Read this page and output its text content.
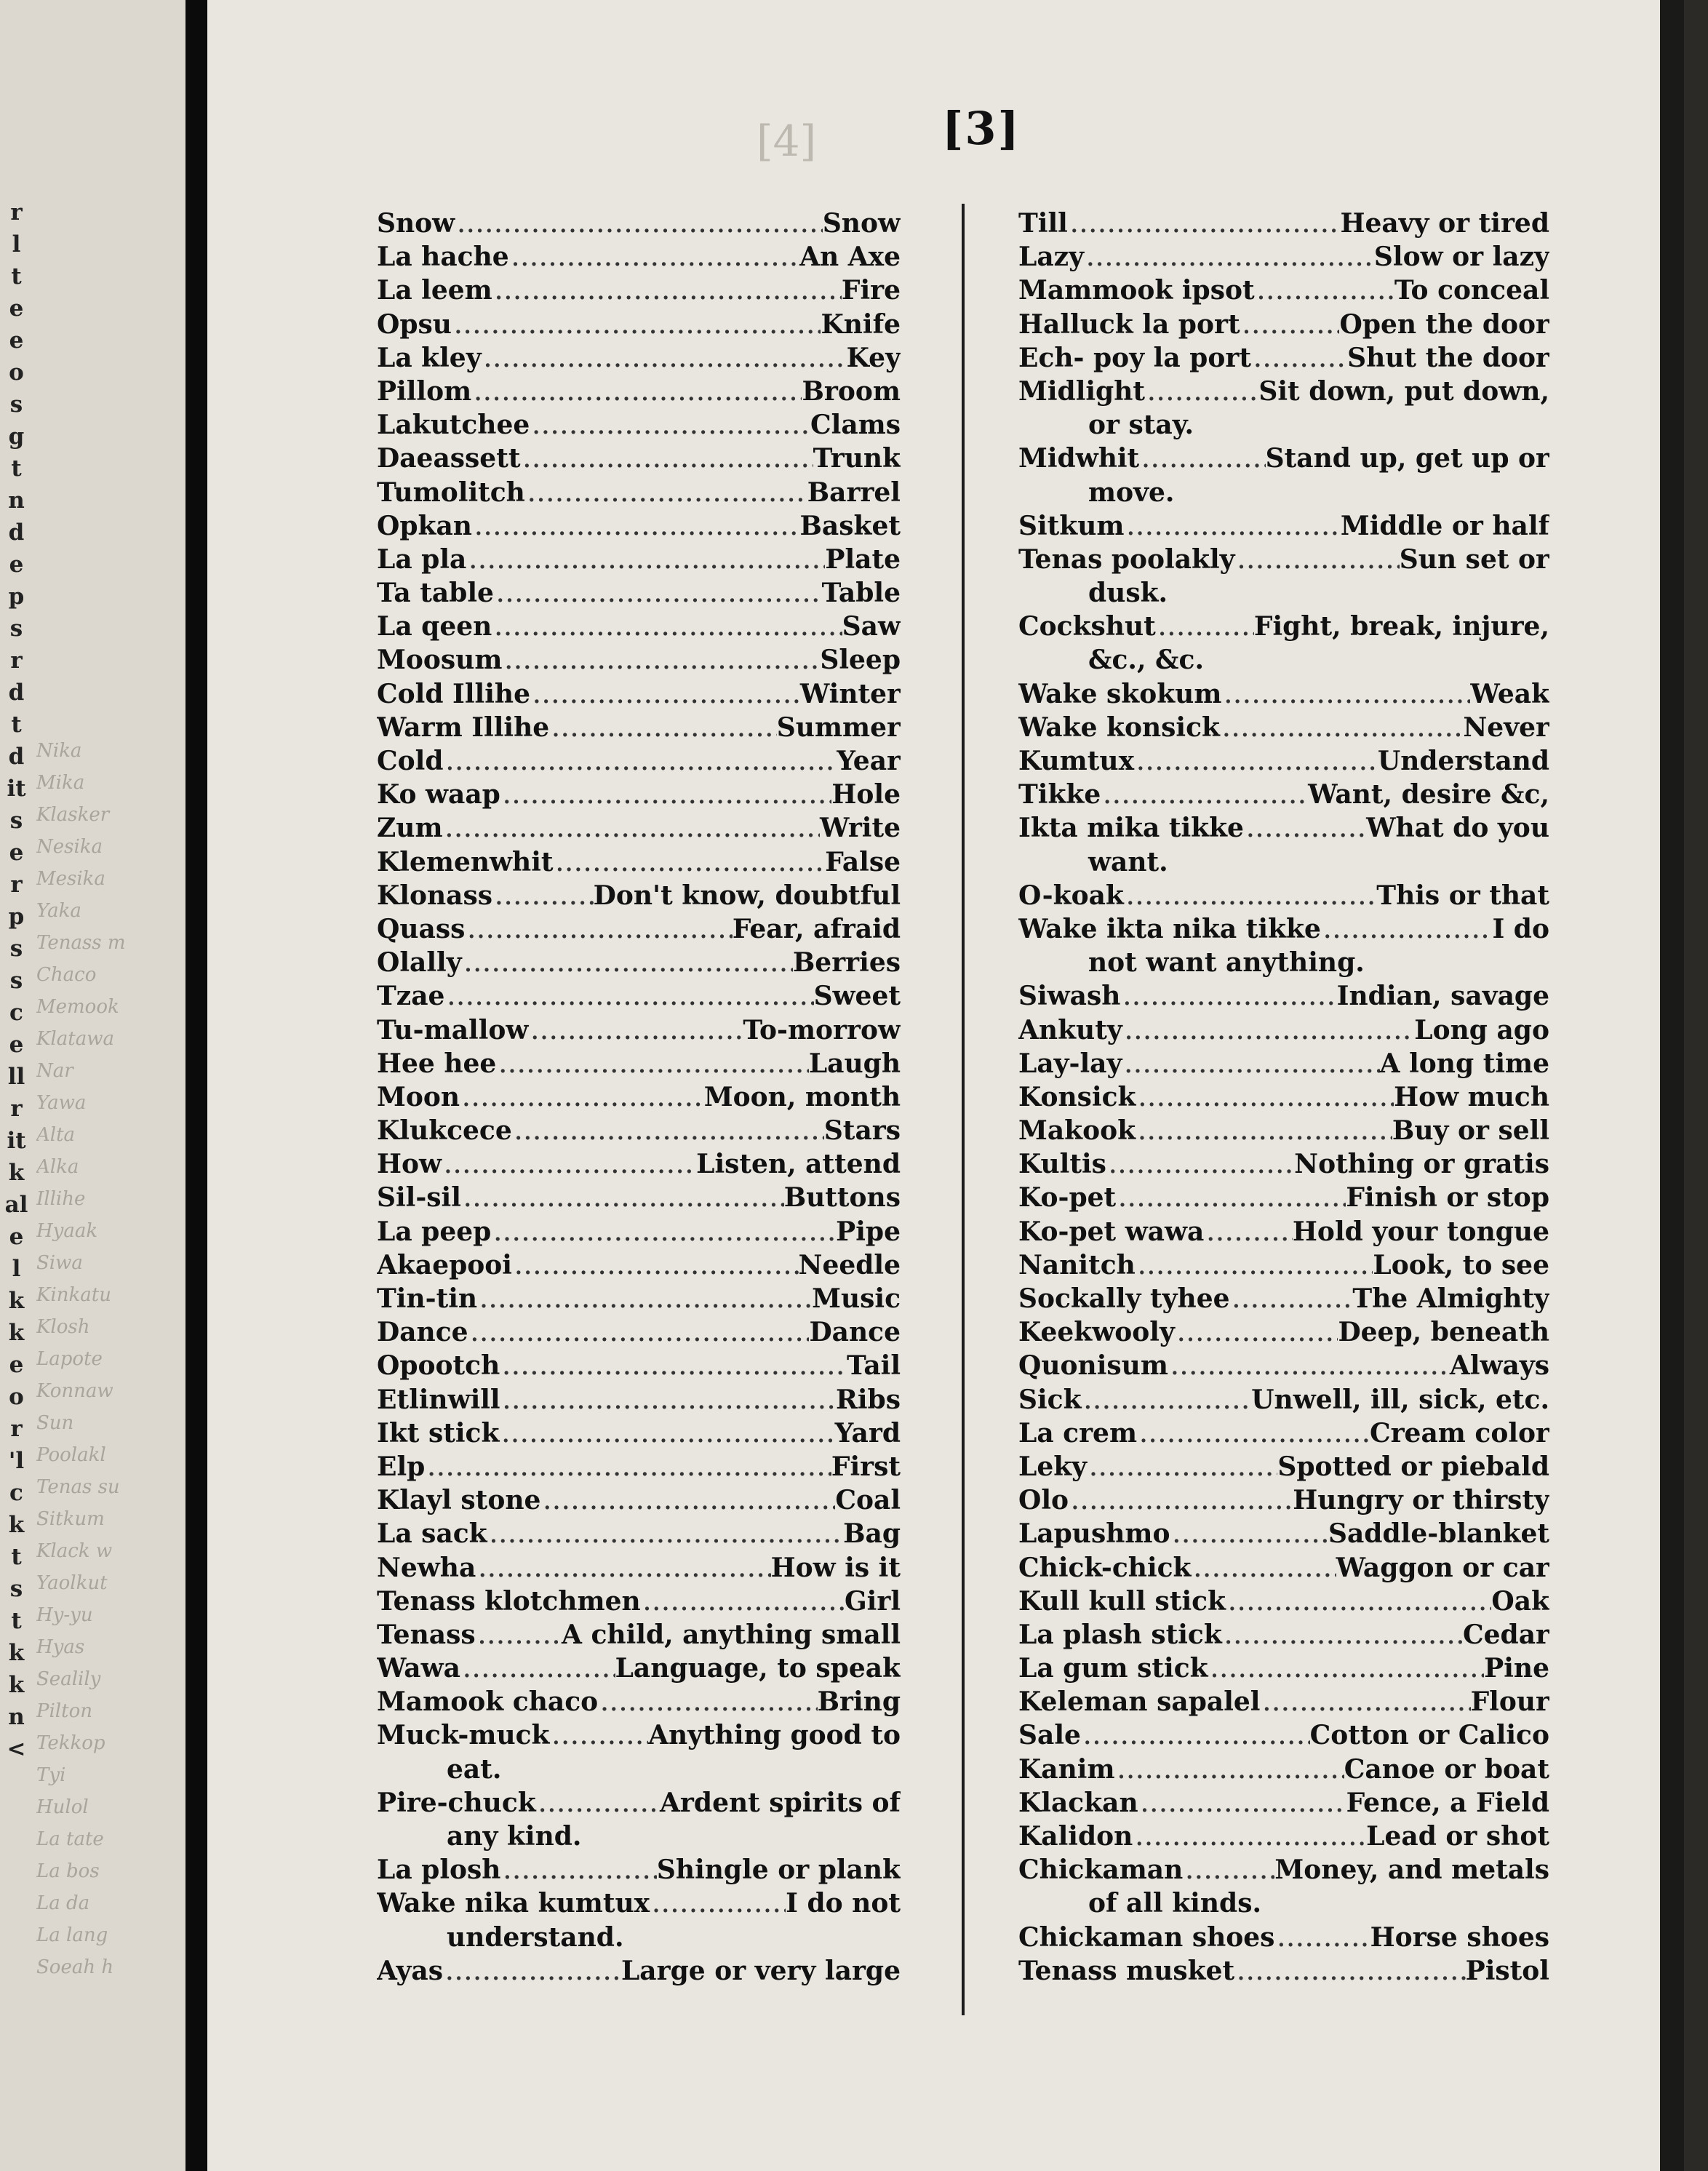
r
l
t
e
e
o
s
g
t
n
d
e
p
s
r
d
t
d
it
s
e
r
p
s
s
c
e
ll
r
it
k
al
e
l
k
k
e
o
r
'l
c
k
t
s
t
k
k
n
<
Nika
Mika
Klasker
Nesika
Mesika
Yaka
Tenass m
Chaco
Memook
Klatawa
Nar
Yawa
Alta
Alka
Illihe
Hyaak
Siwa
Kinkatu
Klosh
Lapote
Konnaw
Sun
Poolakl
Tenas su
Sitkum
Klack w
Yaolkut
Hy-yu
Hyas
Sealily
Pilton
Tekkop
Tyi
Hulol
La tate
La bos
La da
La lang
Soeah h
[4]	[3]
Snow .....	Snow
La hache .....	An Axe
La leem .....	Fire
Opsu .....	Knife
La kley .....	Key
Pillom .....	Broom
Lakutchee .....	Clams
Daeassett .....	Trunk
Tumolitch .....	Barrel
Opkan .....	Basket
La pla .....	Plate
Ta table .....	Table
La qeen .....	Saw
Moosum .....	Sleep
Cold Illihe .....	Winter
Warm Illihe .....	Summer
Cold .....	Year
Ko waap .....	Hole
Zum .....	Write
Klemenwhit .....	False
Klonass .....	Don't know, doubtful
Quass .....	Fear, afraid
Olally .....	Berries
Tzae .....	Sweet
Tu-mallow .....	To-morrow
Hee hee .....	Laugh
Moon .....	Moon, month
Klukcece .....	Stars
How .....	Listen, attend
Sil-sil .....	Buttons
La peep .....	Pipe
Akaepooi .....	Needle
Tin-tin .....	Music
Dance .....	Dance
Opootch .....	Tail
Etlinwill .....	Ribs
Ikt stick .....	Yard
Elp .....	First
Klayl stone .....	Coal
La sack .....	Bag
Newha .....	How is it
Tenass klotchmen .....	Girl
Tenass .....	A child, anything small
Wawa .....	Language, to speak
Mamook chaco .....	Bring
Muck-muck .....	Anything good to
eat.
Pire-chuck .....	Ardent spirits of
any kind.
La plosh .....	Shingle or plank
Wake nika kumtux .....	I do not
understand.
Ayas .....	Large or very large
Till .....	Heavy or tired
Lazy .....	Slow or lazy
Mammook ipsot .....	To conceal
Halluck la port .....	Open the door
Ech- poy la port .....	Shut the door
Midlight .....	Sit down, put down,
or stay.
Midwhit .....	Stand up, get up or
move.
Sitkum .....	Middle or half
Tenas poolakly .....	Sun set or
dusk.
Cockshut .....	Fight, break, injure,
&c., &c.
Wake skokum .....	Weak
Wake konsick .....	Never
Kumtux .....	Understand
Tikke .....	Want, desire &c,
Ikta mika tikke .....	What do you
want.
O-koak .....	This or that
Wake ikta nika tikke .....	I do
not want anything.
Siwash .....	Indian, savage
Ankuty .....	Long ago
Lay-lay .....	A long time
Konsick .....	How much
Makook .....	Buy or sell
Kultis .....	Nothing or gratis
Ko-pet .....	Finish or stop
Ko-pet wawa .....	Hold your tongue
Nanitch .....	Look, to see
Sockally tyhee .....	The Almighty
Keekwooly .....	Deep, beneath
Quonisum .....	Always
Sick .....	Unwell, ill, sick, etc.
La crem .....	Cream color
Leky .....	Spotted or piebald
Olo .....	Hungry or thirsty
Lapushmo .....	Saddle-blanket
Chick-chick .....	Waggon or car
Kull kull stick .....	Oak
La plash stick .....	Cedar
La gum stick .....	Pine
Keleman sapalel .....	Flour
Sale .....	Cotton or Calico
Kanim .....	Canoe or boat
Klackan .....	Fence, a Field
Kalidon .....	Lead or shot
Chickaman .....	Money, and metals
of all kinds.
Chickaman shoes .....	Horse shoes
Tenass musket .....	Pistol
